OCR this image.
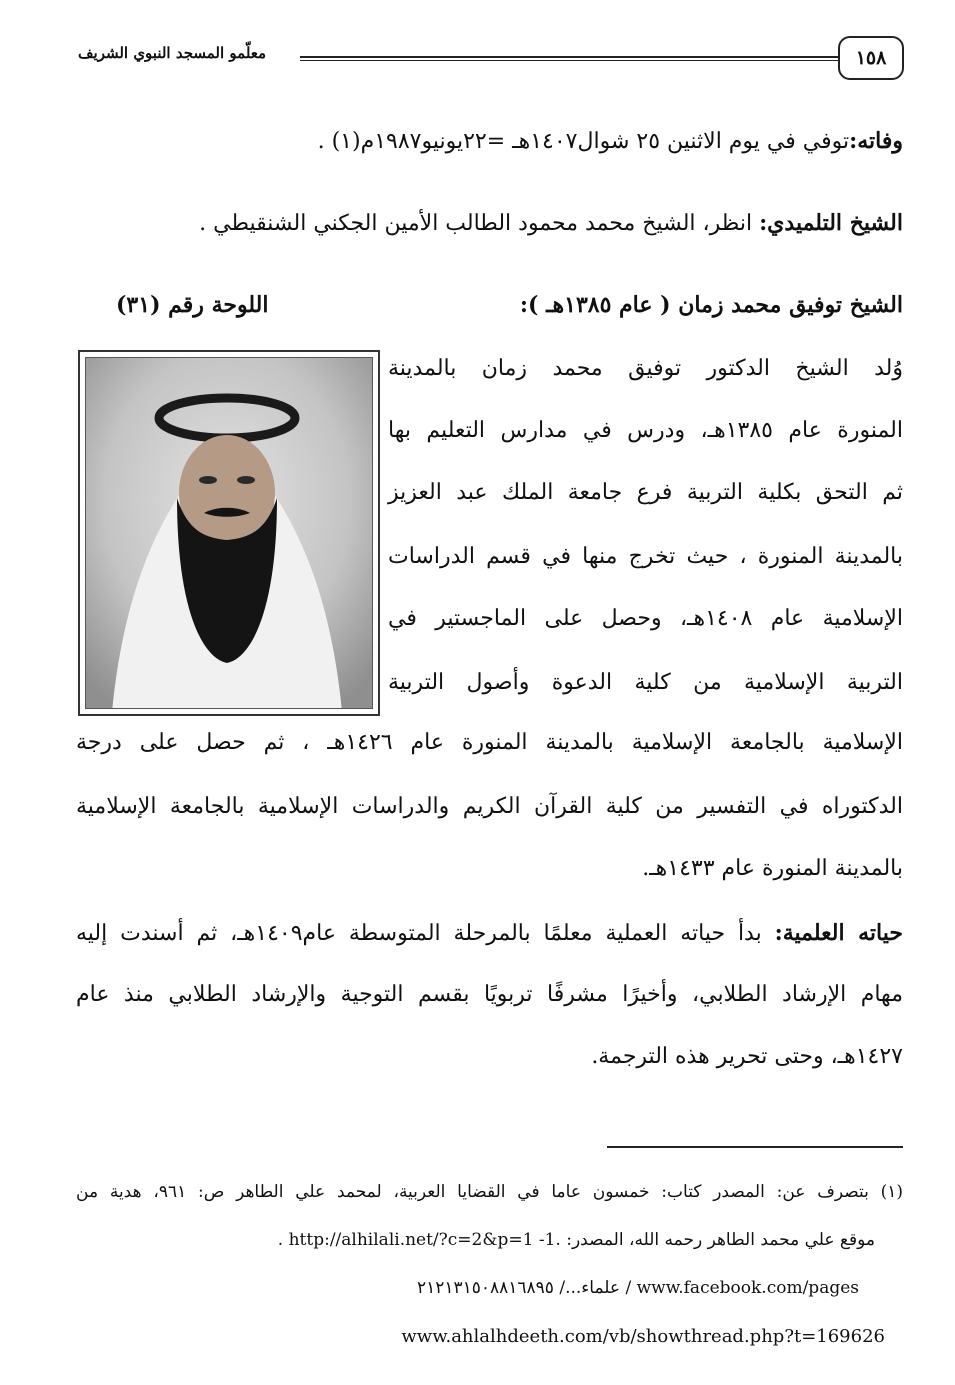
١٥٨
معلّمو المسجد النبوي الشريف
وفاته:توفي في يوم الاثنين ٢٥ شوال١٤٠٧هـ =٢٢يونيو١٩٨٧م(١) .
الشيخ التلميدي: انظر، الشيخ محمد محمود الطالب الأمين الجكني الشنقيطي .
الشيخ توفيق محمد زمان ( عام ١٣٨٥هـ ):
اللوحة رقم (٣١)
وُلد الشيخ الدكتور توفيق محمد زمان بالمدينة
المنورة عام ١٣٨٥هـ، ودرس في مدارس التعليم بها
ثم التحق بكلية التربية فرع جامعة الملك عبد العزيز
بالمدينة المنورة ، حيث تخرج منها في قسم الدراسات
الإسلامية عام ١٤٠٨هـ، وحصل على الماجستير في
التربية الإسلامية من كلية الدعوة وأصول التربية
الإسلامية بالجامعة الإسلامية بالمدينة المنورة عام ١٤٢٦هـ ، ثم حصل على درجة
الدكتوراه في التفسير من كلية القرآن الكريم والدراسات الإسلامية بالجامعة الإسلامية
بالمدينة المنورة عام ١٤٣٣هـ.
حياته العلمية: بدأ حياته العملية معلمًا بالمرحلة المتوسطة عام١٤٠٩هـ، ثم أسندت إليه
مهام الإرشاد الطلابي، وأخيرًا مشرفًا تربويًا بقسم التوجية والإرشاد الطلابي منذ عام
١٤٢٧هـ، وحتى تحرير هذه الترجمة.
(١) بتصرف عن: المصدر كتاب: خمسون عاما في القضايا العربية، لمحمد علي الطاهر ص: ٩٦١، هدية من
موقع علي محمد الطاهر رحمه الله، المصدر: .1- http://alhilali.net/?c=2&p=1 .
/ www.facebook.com/pages علماء.../ ٢١٢١٣١٥٠٨٨١٦٨٩٥
www.ahlalhdeeth.com/vb/showthread.php?t=169626
